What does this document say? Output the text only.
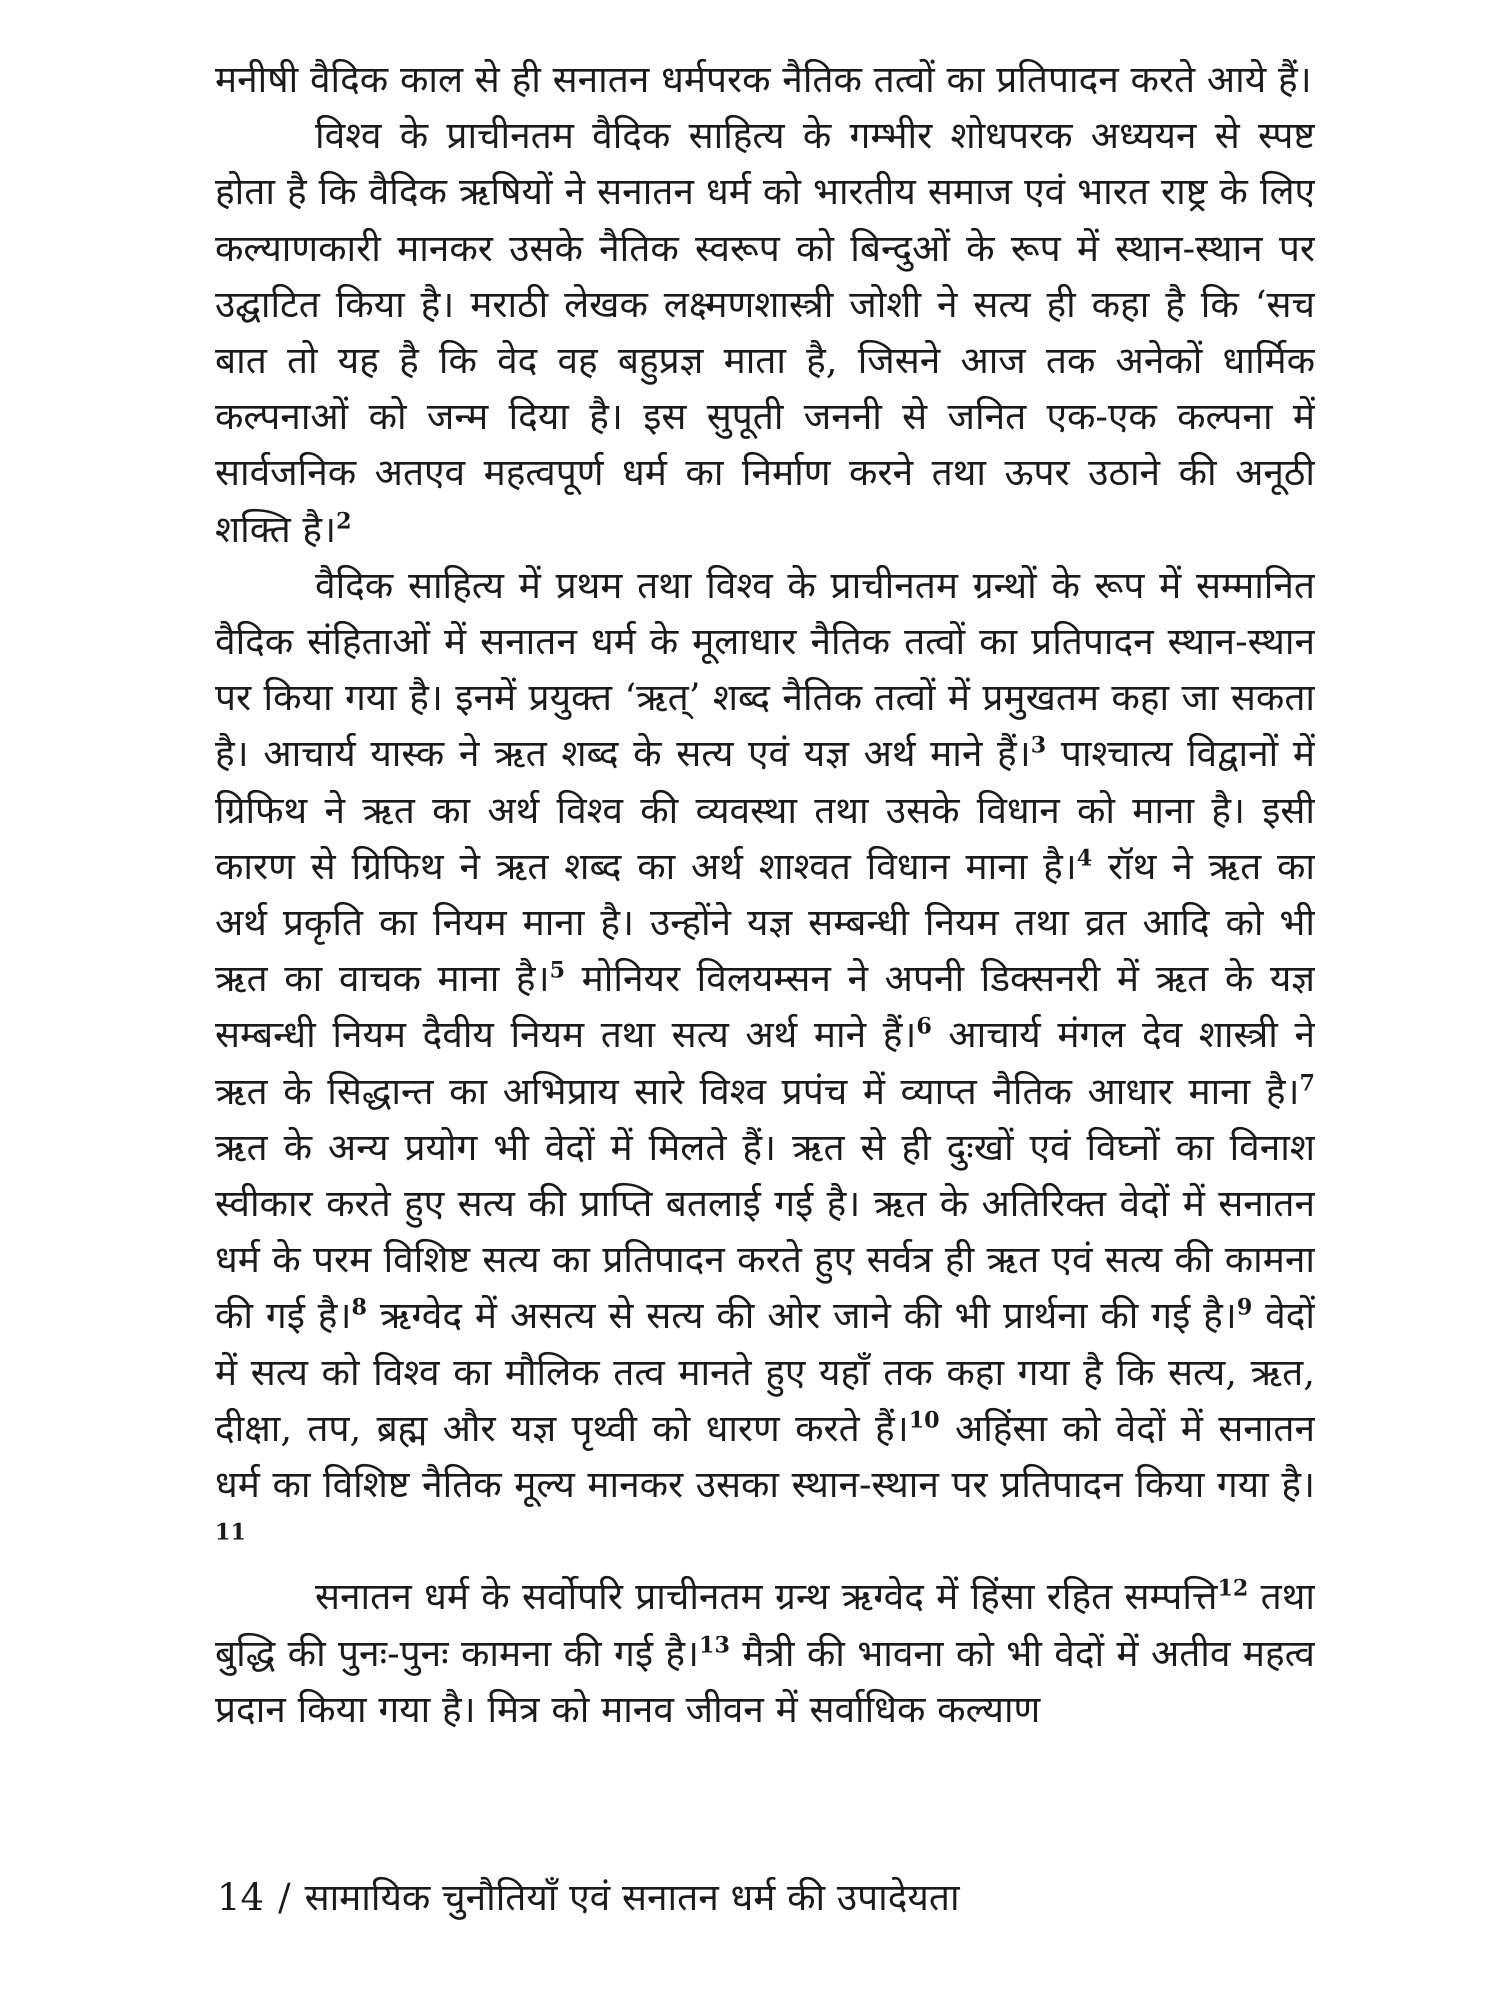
मनीषी वैदिक काल से ही सनातन धर्मपरक नैतिक तत्वों का प्रतिपादन करते आये हैं।

विश्व के प्राचीनतम वैदिक साहित्य के गम्भीर शोधपरक अध्ययन से स्पष्ट होता है कि वैदिक ऋषियों ने सनातन धर्म को भारतीय समाज एवं भारत राष्ट्र के लिए कल्याणकारी मानकर उसके नैतिक स्वरूप को बिन्दुओं के रूप में स्थान-स्थान पर उद्घाटित किया है। मराठी लेखक लक्ष्मणशास्त्री जोशी ने सत्य ही कहा है कि ‘सच बात तो यह है कि वेद वह बहुप्रज्ञ माता है, जिसने आज तक अनेकों धार्मिक कल्पनाओं को जन्म दिया है। इस सुपूती जननी से जनित एक-एक कल्पना में सार्वजनिक अतएव महत्वपूर्ण धर्म का निर्माण करने तथा ऊपर उठाने की अनूठी शक्ति है।$^2$

वैदिक साहित्य में प्रथम तथा विश्व के प्राचीनतम ग्रन्थों के रूप में सम्मानित वैदिक संहिताओं में सनातन धर्म के मूलाधार नैतिक तत्वों का प्रतिपादन स्थान-स्थान पर किया गया है। इनमें प्रयुक्त ‘ऋत्’ शब्द नैतिक तत्वों में प्रमुखतम कहा जा सकता है। आचार्य यास्क ने ऋत शब्द के सत्य एवं यज्ञ अर्थ माने हैं।$^3$ पाश्चात्य विद्वानों में ग्रिफिथ ने ऋत का अर्थ विश्व की व्यवस्था तथा उसके विधान को माना है। इसी कारण से ग्रिफिथ ने ऋत शब्द का अर्थ शाश्वत विधान माना है।$^4$ रॉथ ने ऋत का अर्थ प्रकृति का नियम माना है। उन्होंने यज्ञ सम्बन्धी नियम तथा व्रत आदि को भी ऋत का वाचक माना है।$^5$ मोनियर विलयम्सन ने अपनी डिक्सनरी में ऋत के यज्ञ सम्बन्धी नियम दैवीय नियम तथा सत्य अर्थ माने हैं।$^6$ आचार्य मंगल देव शास्त्री ने ऋत के सिद्धान्त का अभिप्राय सारे विश्व प्रपंच में व्याप्त नैतिक आधार माना है।$^7$ ऋत के अन्य प्रयोग भी वेदों में मिलते हैं। ऋत से ही दुःखों एवं विघ्नों का विनाश स्वीकार करते हुए सत्य की प्राप्ति बतलाई गई है। ऋत के अतिरिक्त वेदों में सनातन धर्म के परम विशिष्ट सत्य का प्रतिपादन करते हुए सर्वत्र ही ऋत एवं सत्य की कामना की गई है।$^8$ ऋग्वेद में असत्य से सत्य की ओर जाने की भी प्रार्थना की गई है।$^9$ वेदों में सत्य को विश्व का मौलिक तत्व मानते हुए यहाँ तक कहा गया है कि सत्य, ऋत, दीक्षा, तप, ब्रह्म और यज्ञ पृथ्वी को धारण करते हैं।$^{10}$ अहिंसा को वेदों में सनातन धर्म का विशिष्ट नैतिक मूल्य मानकर उसका स्थान-स्थान पर प्रतिपादन किया गया है।$^{11}$

सनातन धर्म के सर्वोपरि प्राचीनतम ग्रन्थ ऋग्वेद में हिंसा रहित सम्पत्ति$^{12}$ तथा बुद्धि की पुनः-पुनः कामना की गई है।$^{13}$ मैत्री की भावना को भी वेदों में अतीव महत्व प्रदान किया गया है। मित्र को मानव जीवन में सर्वाधिक कल्याण

14 / सामायिक चुनौतियाँ एवं सनातन धर्म की उपादेयता
